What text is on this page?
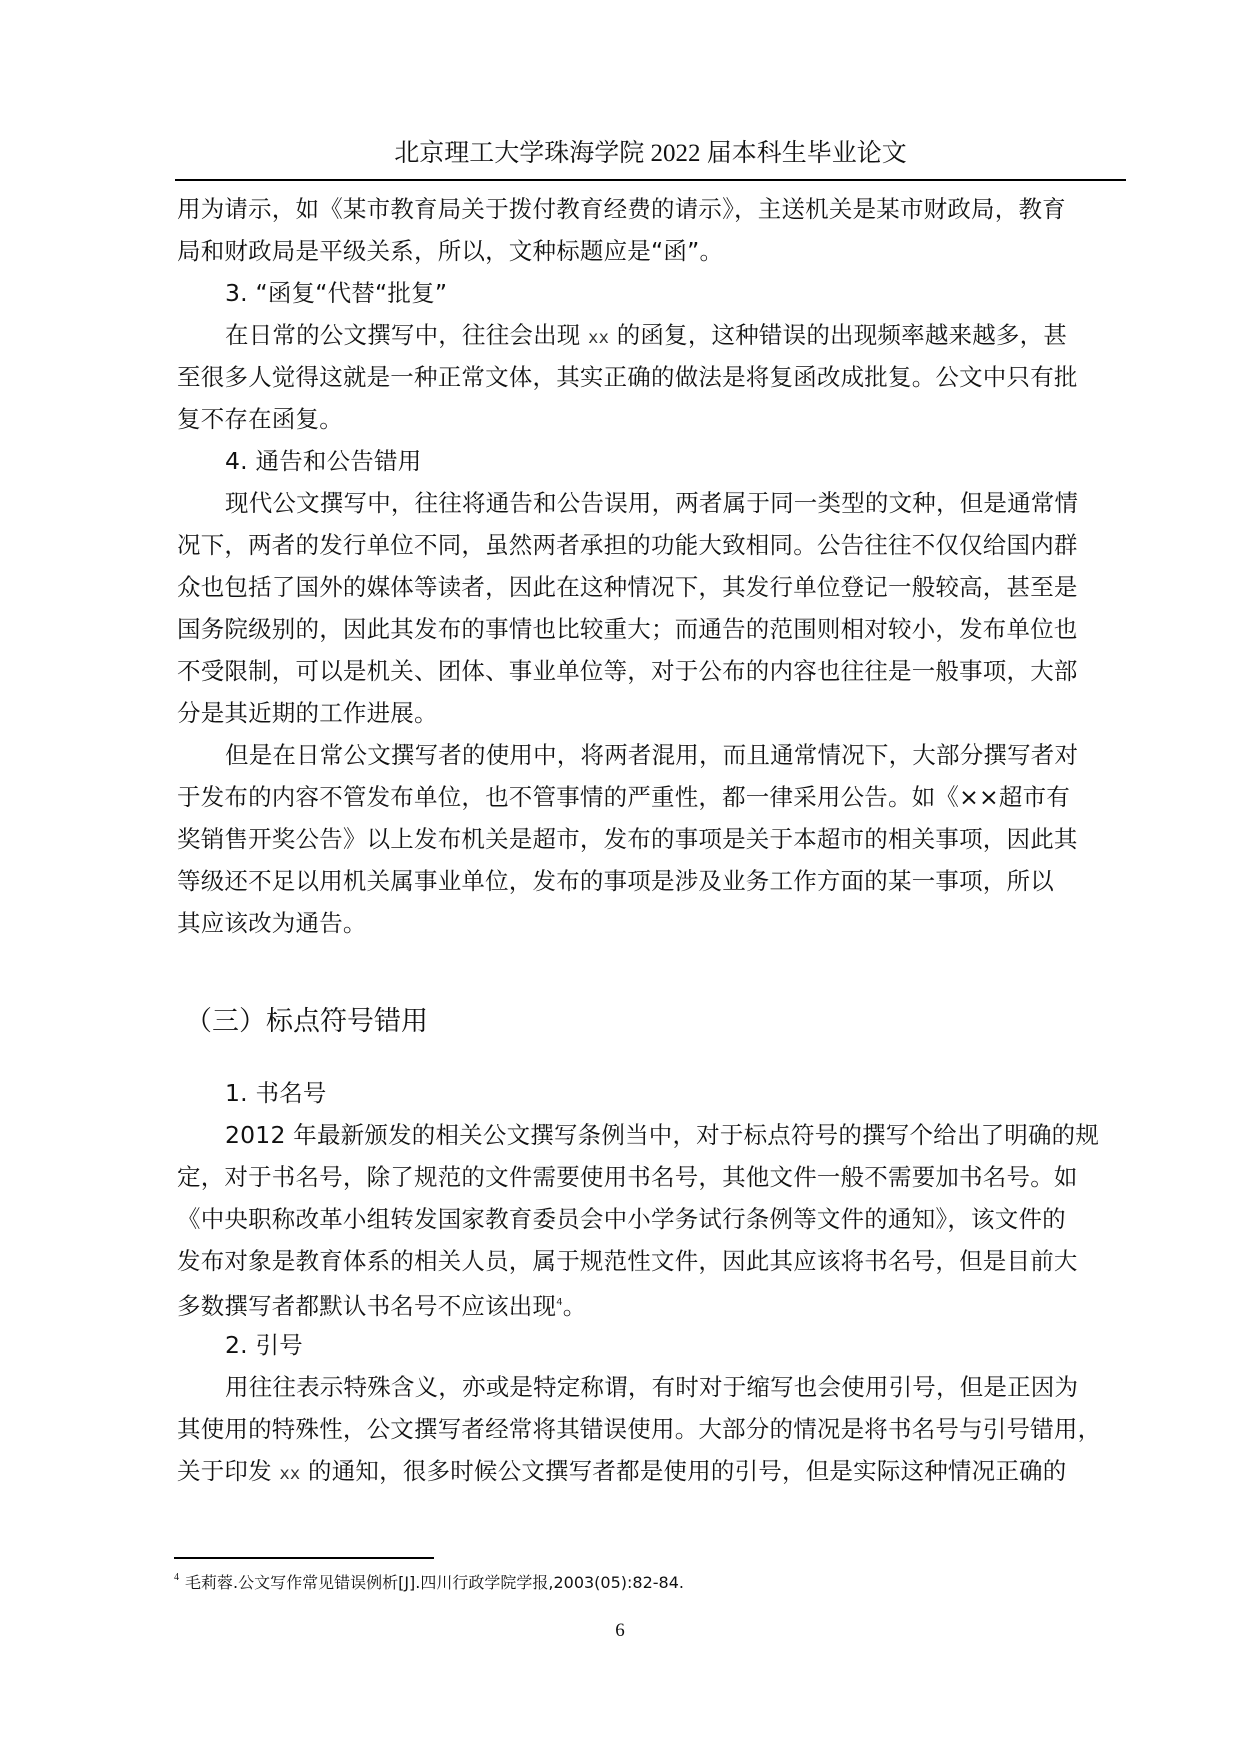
北京理工大学珠海学院 2022 届本科生毕业论文
用为请示，如《某市教育局关于拨付教育经费的请示》，主送机关是某市财政局，教育
局和财政局是平级关系，所以，文种标题应是“函”。
3. “函复“代替“批复”
在日常的公文撰写中，往往会出现 xx 的函复，这种错误的出现频率越来越多，甚
至很多人觉得这就是一种正常文体，其实正确的做法是将复函改成批复。公文中只有批
复不存在函复。
4. 通告和公告错用
现代公文撰写中，往往将通告和公告误用，两者属于同一类型的文种，但是通常情
况下，两者的发行单位不同，虽然两者承担的功能大致相同。公告往往不仅仅给国内群
众也包括了国外的媒体等读者，因此在这种情况下，其发行单位登记一般较高，甚至是
国务院级别的，因此其发布的事情也比较重大；而通告的范围则相对较小，发布单位也
不受限制，可以是机关、团体、事业单位等，对于公布的内容也往往是一般事项，大部
分是其近期的工作进展。
但是在日常公文撰写者的使用中，将两者混用，而且通常情况下，大部分撰写者对
于发布的内容不管发布单位，也不管事情的严重性，都一律采用公告。如《××超市有
奖销售开奖公告》以上发布机关是超市，发布的事项是关于本超市的相关事项，因此其
等级还不足以用机关属事业单位，发布的事项是涉及业务工作方面的某一事项，所以
其应该改为通告。
（三）标点符号错用
1. 书名号
2012 年最新颁发的相关公文撰写条例当中，对于标点符号的撰写个给出了明确的规
定，对于书名号，除了规范的文件需要使用书名号，其他文件一般不需要加书名号。如
《中央职称改革小组转发国家教育委员会中小学务试行条例等文件的通知》，该文件的
发布对象是教育体系的相关人员，属于规范性文件，因此其应该将书名号，但是目前大
多数撰写者都默认书名号不应该出现$^4$。
2. 引号
用往往表示特殊含义，亦或是特定称谓，有时对于缩写也会使用引号，但是正因为
其使用的特殊性，公文撰写者经常将其错误使用。大部分的情况是将书名号与引号错用，
关于印发 xx 的通知，很多时候公文撰写者都是使用的引号，但是实际这种情况正确的
$^4$ 毛莉蓉.公文写作常见错误例析[J].四川行政学院学报,2003(05):82-84.
6
